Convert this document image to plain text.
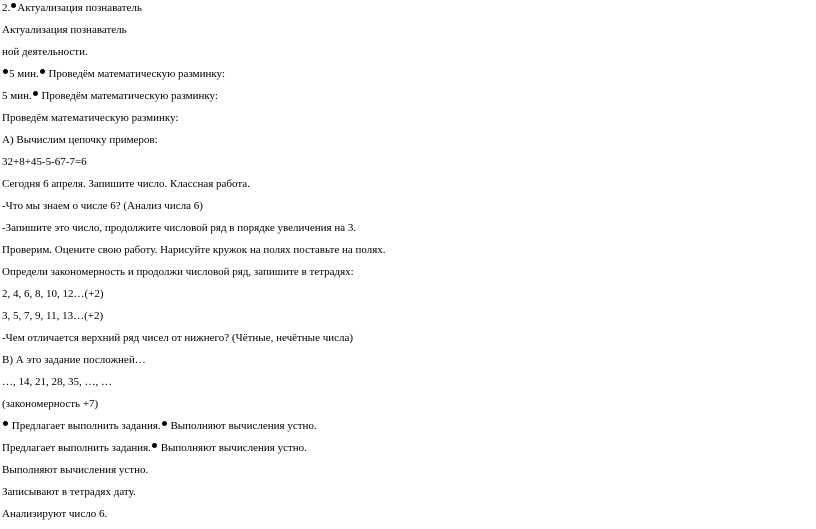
2. Актуализация познаватель
Актуализация познаватель
ной деятельности.
5 мин. Проведём математическую разминку:
5 мин. Проведём математическую разминку:
Проведём математическую разминку:
А) Вычислим цепочку примеров:
32+8+45-5-67-7=6
Сегодня 6 апреля. Запишите число. Классная работа.
-Что мы знаем о числе 6? (Анализ числа 6)
-Запишите это число, продолжите числовой ряд в порядке увеличения на 3.
Проверим. Оцените свою работу. Нарисуйте кружок на полях поставьте на полях.
Определи закономерность и продолжи числовой ряд, запишите в тетрадях:
2, 4, 6, 8, 10, 12…(+2)
3, 5, 7, 9, 11, 13…(+2)
-Чем отличается верхний ряд чисел от нижнего? (Чётные, нечётные числа)
В) А это задание посложней…
…, 14, 21, 28, 35, …, …
(закономерность +7)
Предлагает выполнить задания. Выполняют вычисления устно.
Предлагает выполнить задания. Выполняют вычисления устно.
Выполняют вычисления устно.
Записывают в тетрадях дату.
Анализируют число 6.
